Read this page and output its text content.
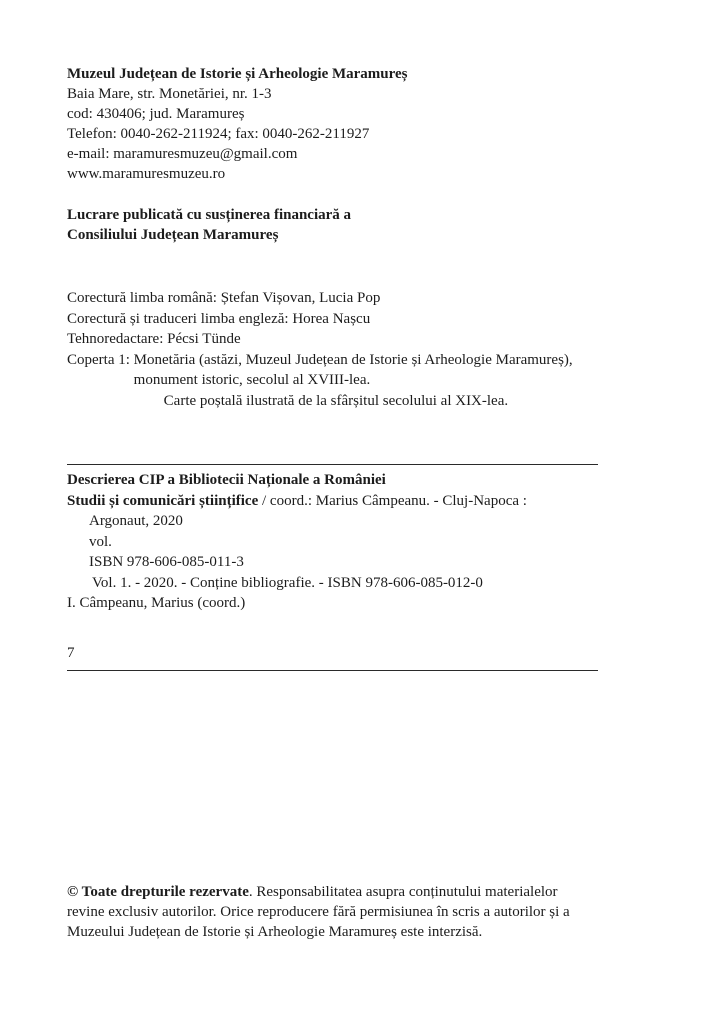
Muzeul Județean de Istorie și Arheologie Maramureș
Baia Mare, str. Monetăriei, nr. 1-3
cod: 430406; jud. Maramureș
Telefon: 0040-262-211924; fax: 0040-262-211927
e-mail: maramuresmuzeu@gmail.com
www.maramuresmuzeu.ro
Lucrare publicată cu susținerea financiară a
Consiliului Județean Maramureș
Corectură limba română: Ștefan Vișovan, Lucia Pop
Corectură și traduceri limba engleză: Horea Nașcu
Tehnoredactare: Pécsi Tünde
Coperta 1: Monetăria (astăzi, Muzeul Județean de Istorie și Arheologie Maramureș),
monument istoric, secolul al XVIII-lea.
Carte poștală ilustrată de la sfârșitul secolului al XIX-lea.
Descrierea CIP a Bibliotecii Naționale a României
Studii și comunicări științifice / coord.: Marius Câmpeanu. - Cluj-Napoca :
Argonaut, 2020
vol.
ISBN 978-606-085-011-3
Vol. 1. - 2020. - Conține bibliografie. - ISBN 978-606-085-012-0
I. Câmpeanu, Marius (coord.)
7
© Toate drepturile rezervate. Responsabilitatea asupra conținutului materialelor
revine exclusiv autorilor. Orice reproducere fără permisiunea în scris a autorilor și a
Muzeului Județean de Istorie și Arheologie Maramureș este interzisă.
